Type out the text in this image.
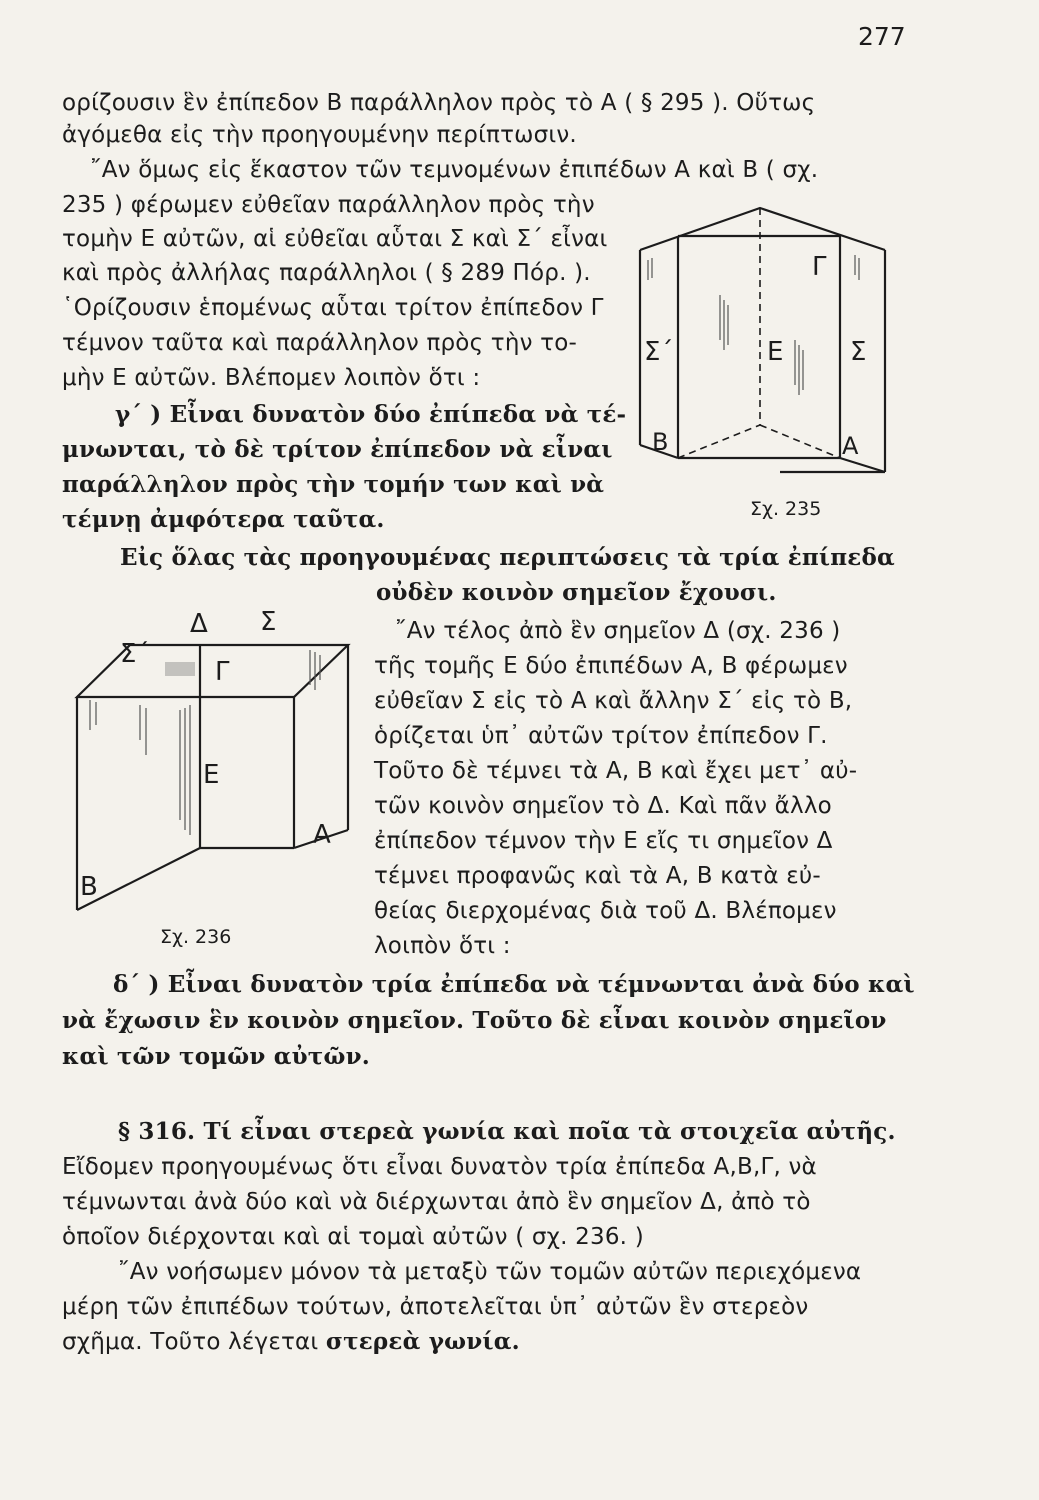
277
ορίζουσιν ἓν ἐπίπεδον Β παράλληλον πρὸς τὸ Α ( § 295 ). Οὕτως
ἀγόμεθα εἰς τὴν προηγουμένην περίπτωσιν.
῎Αν ὅμως εἰς ἕκαστον τῶν τεμνομένων ἐπιπέδων Α καὶ Β ( σχ.
235 ) φέρωμεν εὐθεῖαν παράλληλον πρὸς τὴν
τομὴν Ε αὐτῶν, αἱ εὐθεῖαι αὗται Σ καὶ Σ΄ εἶναι
καὶ πρὸς ἀλλήλας παράλληλοι ( § 289 Πόρ. ).
῾Ορίζουσιν ἑπομένως αὗται τρίτον ἐπίπεδον Γ
τέμνον ταῦτα καὶ παράλληλον πρὸς τὴν το-
μὴν Ε αὐτῶν. Βλέπομεν λοιπὸν ὅτι :
γ΄ ) Εἶναι δυνατὸν δύο ἐπίπεδα νὰ τέ-
μνωνται, τὸ δὲ τρίτον ἐπίπεδον νὰ εἶναι
παράλληλον πρὸς τὴν τομήν των καὶ νὰ
τέμνῃ ἀμφότερα ταῦτα.
Εἰς ὅλας τὰς προηγουμένας περιπτώσεις τὰ τρία ἐπίπεδα
οὐδὲν κοινὸν σημεῖον ἔχουσι.
῎Αν τέλος ἀπὸ ἓν σημεῖον Δ (σχ. 236 )
τῆς τομῆς Ε δύο ἐπιπέδων Α, Β φέρωμεν
εὐθεῖαν Σ εἰς τὸ Α καὶ ἄλλην Σ΄ εἰς τὸ Β,
ὁρίζεται ὑπ᾽ αὐτῶν τρίτον ἐπίπεδον Γ.
Τοῦτο δὲ τέμνει τὰ Α, Β καὶ ἔχει μετ᾽ αὐ-
τῶν κοινὸν σημεῖον τὸ Δ. Καὶ πᾶν ἄλλο
ἐπίπεδον τέμνον τὴν Ε εἴς τι σημεῖον Δ
τέμνει προφανῶς καὶ τὰ Α, Β κατὰ εὐ-
θείας διερχομένας διὰ τοῦ Δ. Βλέπομεν
λοιπὸν ὅτι :
δ΄ ) Εἶναι δυνατὸν τρία ἐπίπεδα νὰ τέμνωνται ἀνὰ δύο καὶ
νὰ ἔχωσιν ἓν κοινὸν σημεῖον. Τοῦτο δὲ εἶναι κοινὸν σημεῖον
καὶ τῶν τομῶν αὐτῶν.
§ 316. Τί εἶναι στερεὰ γωνία καὶ ποῖα τὰ στοιχεῖα αὐτῆς.
Εἴδομεν προηγουμένως ὅτι εἶναι δυνατὸν τρία ἐπίπεδα Α,Β,Γ, νὰ
τέμνωνται ἀνὰ δύο καὶ νὰ διέρχωνται ἀπὸ ἓν σημεῖον Δ, ἀπὸ τὸ
ὁποῖον διέρχονται καὶ αἱ τομαὶ αὐτῶν ( σχ. 236. )
῎Αν νοήσωμεν μόνον τὰ μεταξὺ τῶν τομῶν αὐτῶν περιεχόμενα
μέρη τῶν ἐπιπέδων τούτων, ἀποτελεῖται ὑπ᾽ αὐτῶν ἓν στερεὸν
σχῆμα. Τοῦτο λέγεται στερεὰ γωνία.
Γ
Σ΄	Ε	Σ
Β	Α
Σχ. 235
Δ Σ
Σ΄
Γ
Ε
Α
Β
Σχ. 236
